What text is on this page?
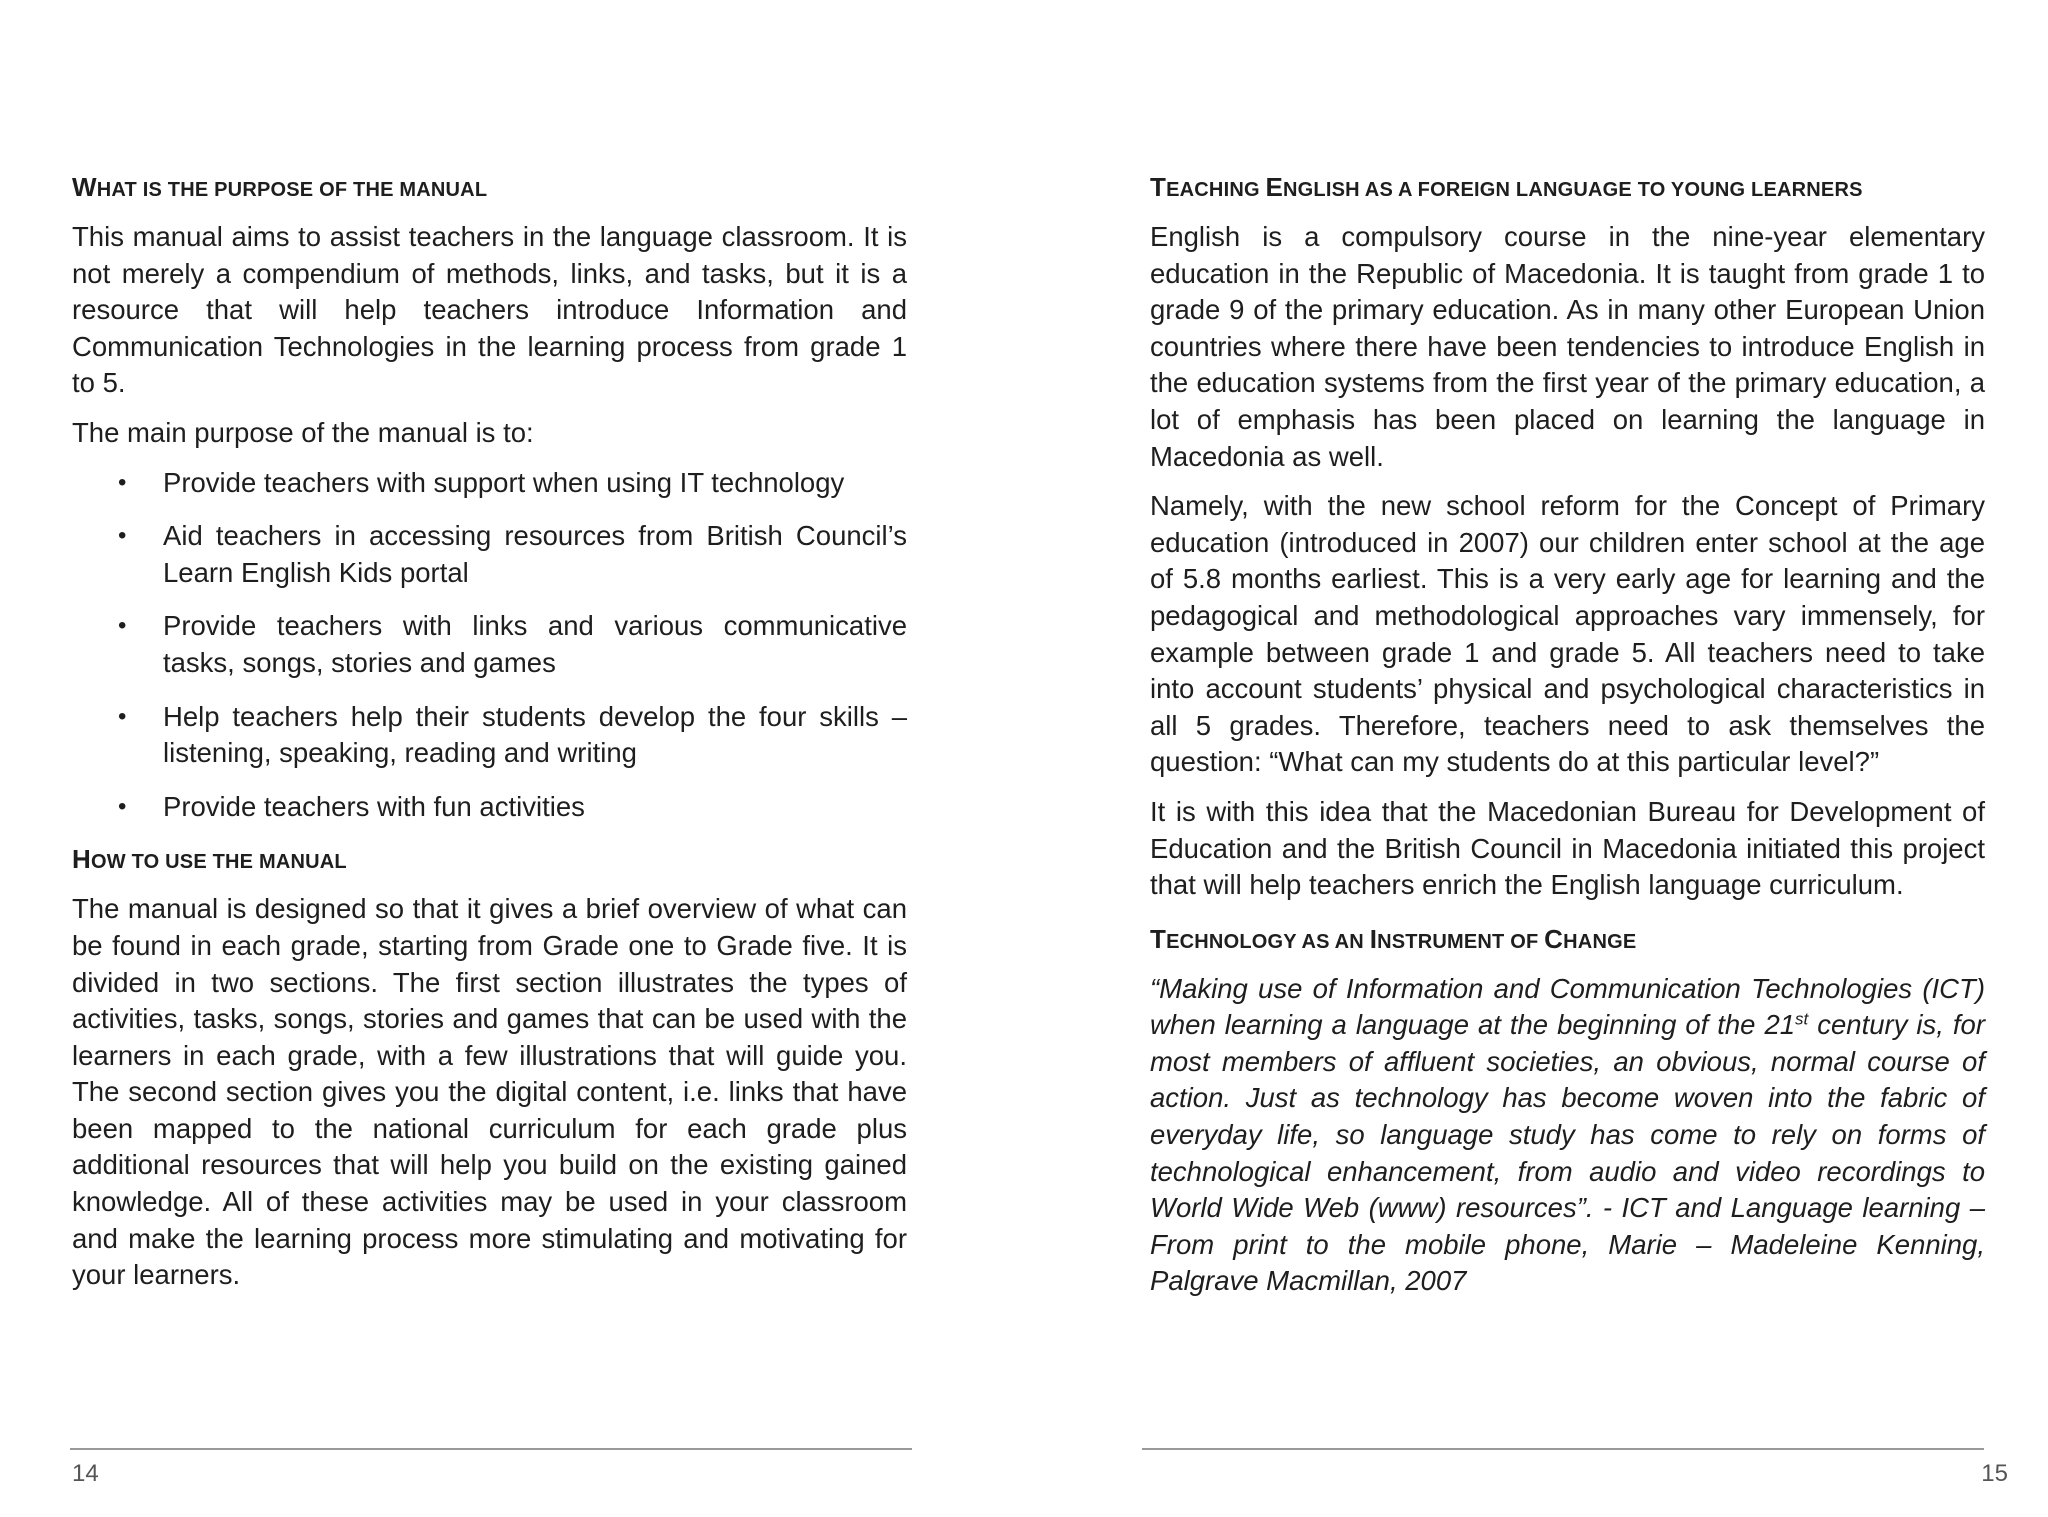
WHAT IS THE PURPOSE OF THE MANUAL

This manual aims to assist teachers in the language classroom. It is not merely a compendium of methods, links, and tasks, but it is a resource that will help teachers introduce Information and Communication Technologies in the learning process from grade 1 to 5.

The main purpose of the manual is to:

• Provide teachers with support when using IT technology
• Aid teachers in accessing resources from British Council’s Learn English Kids portal
• Provide teachers with links and various communicative tasks, songs, stories and games
• Help teachers help their students develop the four skills – listening, speaking, reading and writing
• Provide teachers with fun activities
HOW TO USE THE MANUAL

The manual is designed so that it gives a brief overview of what can be found in each grade, starting from Grade one to Grade five. It is divided in two sections. The first section illustrates the types of activities, tasks, songs, stories and games that can be used with the learners in each grade, with a few illustrations that will guide you. The second section gives you the digital content, i.e. links that have been mapped to the national curriculum for each grade plus additional resources that will help you build on the existing gained knowledge. All of these activities may be used in your classroom and make the learning process more stimulating and motivating for your learners.

14
TEACHING ENGLISH AS A FOREIGN LANGUAGE TO YOUNG LEARNERS

English is a compulsory course in the nine-year elementary education in the Republic of Macedonia. It is taught from grade 1 to grade 9 of the primary education. As in many other European Union countries where there have been tendencies to introduce English in the education systems from the first year of the primary education, a lot of emphasis has been placed on learning the language in Macedonia as well.

Namely, with the new school reform for the Concept of Primary education (introduced in 2007) our children enter school at the age of 5.8 months earliest. This is a very early age for learning and the pedagogical and methodological approaches vary immensely, for example between grade 1 and grade 5. All teachers need to take into account students’ physical and psychological characteristics in all 5 grades. Therefore, teachers need to ask themselves the question: “What can my students do at this particular level?”

It is with this idea that the Macedonian Bureau for Development of Education and the British Council in Macedonia initiated this project that will help teachers enrich the English language curriculum.

TECHNOLOGY AS AN INSTRUMENT OF CHANGE

“Making use of Information and Communication Technologies (ICT) when learning a language at the beginning of the 21st century is, for most members of affluent societies, an obvious, normal course of action. Just as technology has become woven into the fabric of everyday life, so language study has come to rely on forms of technological enhancement, from audio and video recordings to World Wide Web (www) resources”. - ICT and Language learning – From print to the mobile phone, Marie – Madeleine Kenning, Palgrave Macmillan, 2007

15
